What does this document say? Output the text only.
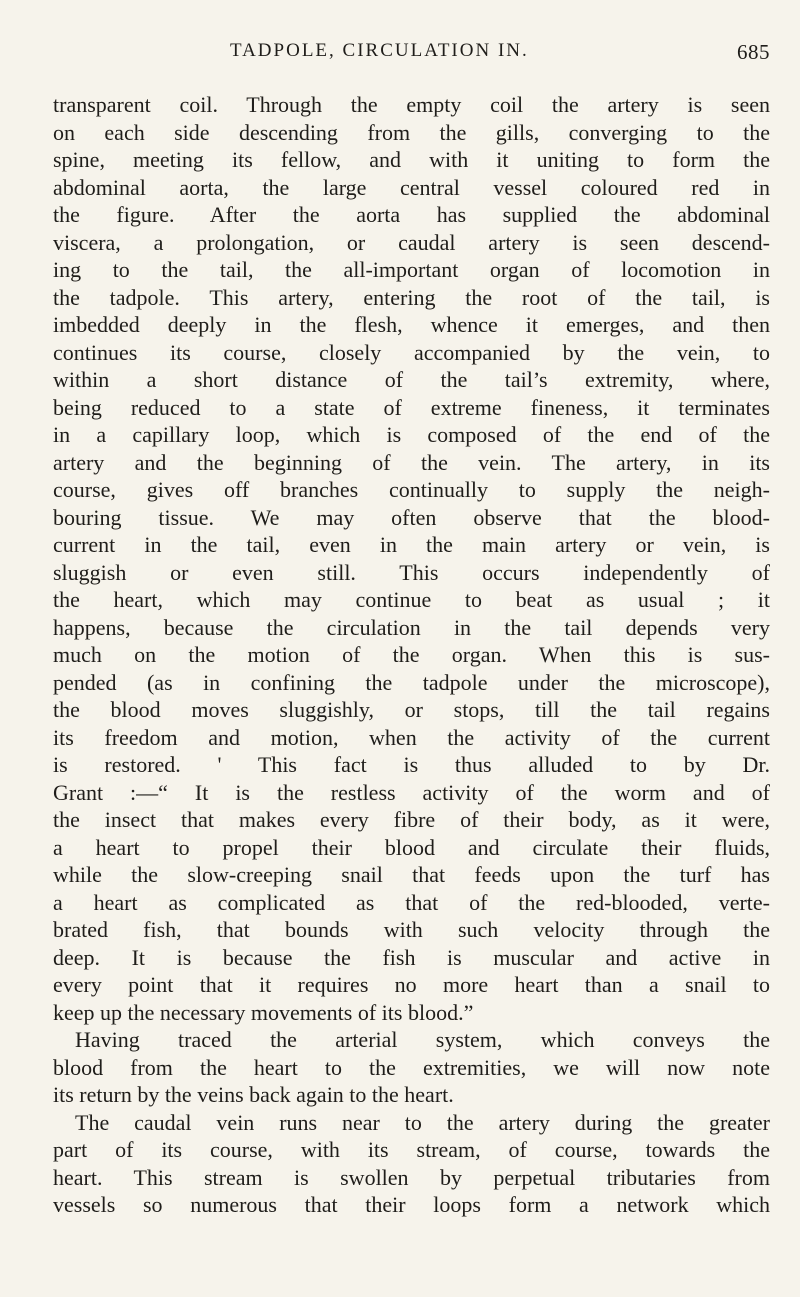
TADPOLE, CIRCULATION IN.	685
transparent coil. Through the empty coil the artery is seen
on each side descending from the gills, converging to the
spine, meeting its fellow, and with it uniting to form the
abdominal aorta, the large central vessel coloured red in
the figure. After the aorta has supplied the abdominal
viscera, a prolongation, or caudal artery is seen descend-
ing to the tail, the all-important organ of locomotion in
the tadpole. This artery, entering the root of the tail, is
imbedded deeply in the flesh, whence it emerges, and then
continues its course, closely accompanied by the vein, to
within a short distance of the tail’s extremity, where,
being reduced to a state of extreme fineness, it terminates
in a capillary loop, which is composed of the end of the
artery and the beginning of the vein. The artery, in its
course, gives off branches continually to supply the neigh-
bouring tissue. We may often observe that the blood-
current in the tail, even in the main artery or vein, is
sluggish or even still. This occurs independently of
the heart, which may continue to beat as usual ; it
happens, because the circulation in the tail depends very
much on the motion of the organ. When this is sus-
pended (as in confining the tadpole under the microscope),
the blood moves sluggishly, or stops, till the tail regains
its freedom and motion, when the activity of the current
is restored. ' This fact is thus alluded to by Dr.
Grant :—“ It is the restless activity of the worm and of
the insect that makes every fibre of their body, as it were,
a heart to propel their blood and circulate their fluids,
while the slow-creeping snail that feeds upon the turf has
a heart as complicated as that of the red-blooded, verte-
brated fish, that bounds with such velocity through the
deep. It is because the fish is muscular and active in
every point that it requires no more heart than a snail to
keep up the necessary movements of its blood.”
Having traced the arterial system, which conveys the
blood from the heart to the extremities, we will now note
its return by the veins back again to the heart.
The caudal vein runs near to the artery during the greater
part of its course, with its stream, of course, towards the
heart. This stream is swollen by perpetual tributaries from
vessels so numerous that their loops form a network which
